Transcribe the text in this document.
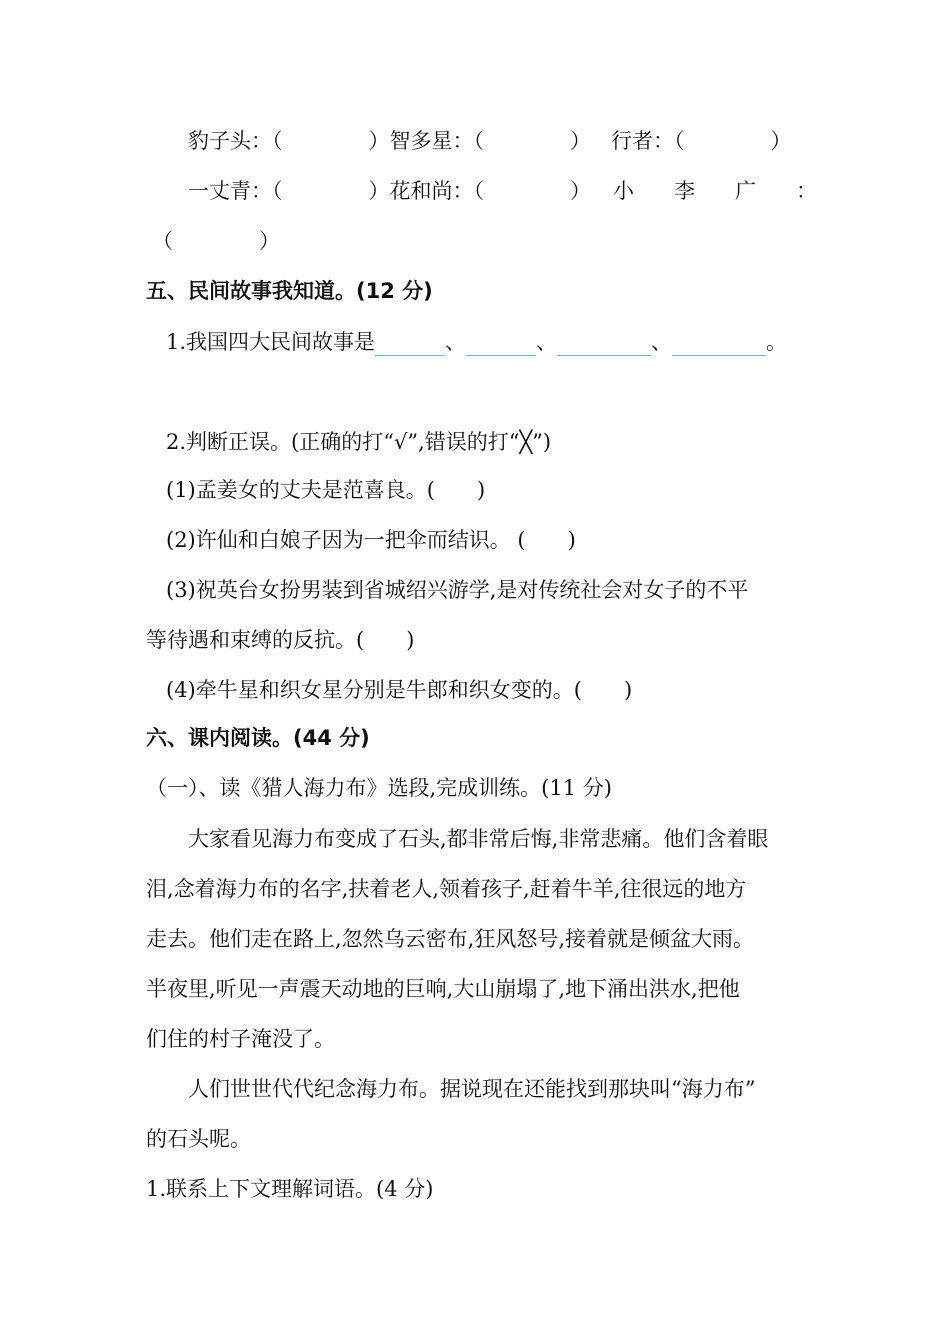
豹子头：（	）智多星：（	） 行者：（	）
一丈青：（	）花和尚：（	） 小 李 广 ：
（	）
五、民间故事我知道。(12 分)
1.我国四大民间故事是	、	、	、	。
2.判断正误。(正确的打“√”,错误的打“╳”)
(1)孟姜女的丈夫是范喜良。(　　)
(2)许仙和白娘子因为一把伞而结识。 (　　)
(3)祝英台女扮男装到省城绍兴游学,是对传统社会对女子的不平
等待遇和束缚的反抗。(　　)
(4)牵牛星和织女星分别是牛郎和织女变的。(　　)
六、课内阅读。(44 分)
（一）、读《猎人海力布》选段,完成训练。(11 分)
大家看见海力布变成了石头,都非常后悔,非常悲痛。他们含着眼
泪,念着海力布的名字,扶着老人,领着孩子,赶着牛羊,往很远的地方
走去。他们走在路上,忽然乌云密布,狂风怒号,接着就是倾盆大雨。
半夜里,听见一声震天动地的巨响,大山崩塌了,地下涌出洪水,把他
们住的村子淹没了。
人们世世代代纪念海力布。据说现在还能找到那块叫“海力布”
的石头呢。
1.联系上下文理解词语。(4 分)
